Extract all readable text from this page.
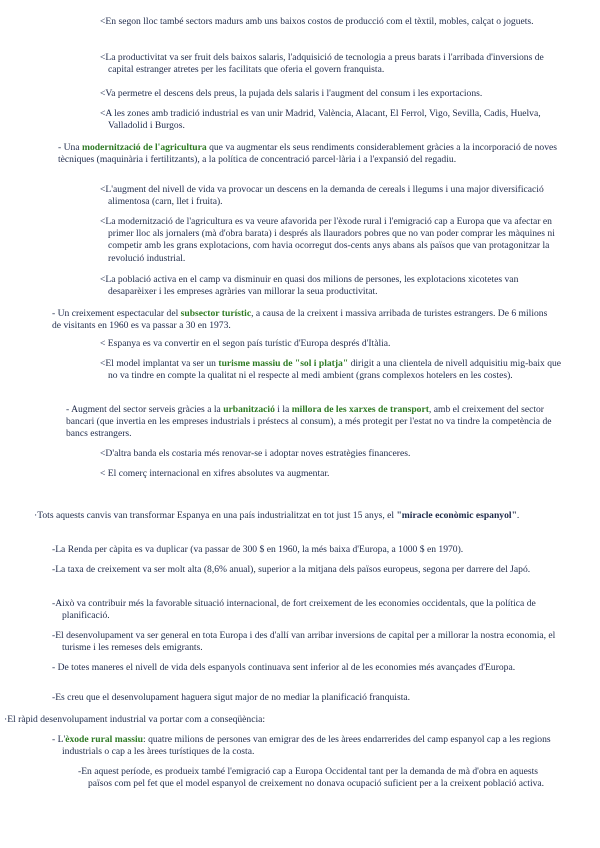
<En segon lloc també sectors madurs amb uns baixos costos de producció com el tèxtil, mobles, calçat o joguets.

<La productivitat va ser fruit dels baixos salaris, l'adquisició de tecnologia a preus barats i l'arribada d'inversions de capital estranger atretes per les facilitats que oferia el govern franquista.

<Va permetre el descens dels preus, la pujada dels salaris i l'augment del consum i les exportacions.

<A les zones amb tradició industrial es van unir Madrid, València, Alacant, El Ferrol, Vigo, Sevilla, Cadis, Huelva, Valladolid i Burgos.

- Una modernització de l'agricultura que va augmentar els seus rendiments considerablement gràcies a la incorporació de noves tècniques (maquinària i fertilitzants), a la política de concentració parcel·lària i a l'expansió del regadiu.

<L'augment del nivell de vida va provocar un descens en la demanda de cereals i llegums i una major diversificació alimentosa (carn, llet i fruita).

<La modernització de l'agricultura es va veure afavorida per l'èxode rural i l'emigració cap a Europa que va afectar en primer lloc als jornalers (mà d'obra barata) i després als llauradors pobres que no van poder comprar les màquines ni competir amb les grans explotacions, com havia ocorregut dos-cents anys abans als països que van protagonitzar la revolució industrial.

<La població activa en el camp va disminuir en quasi dos milions de persones, les explotacions xicotetes van desaparèixer i les empreses agràries van millorar la seua productivitat.

- Un creixement espectacular del subsector turístic, a causa de la creixent i massiva arribada de turistes estrangers. De 6 milions de visitants en 1960 es va passar a 30 en 1973.

< Espanya es va convertir en el segon país turístic d'Europa després d'Itàlia.

<El model implantat va ser un turisme massiu de "sol i platja" dirigit a una clientela de nivell adquisitiu mig-baix que no va tindre en compte la qualitat ni el respecte al medi ambient (grans complexos hotelers en les costes).

- Augment del sector serveis gràcies a la urbanització i la millora de les xarxes de transport, amb el creixement del sector bancari (que invertia en les empreses industrials i préstecs al consum), a més protegit per l'estat no va tindre la competència de bancs estrangers.

<D'altra banda els costaria més renovar-se i adoptar noves estratègies financeres.

< El comerç internacional en xifres absolutes va augmentar.

·Tots aquests canvis van transformar Espanya en una país industrialitzat en tot just 15 anys, el "miracle econòmic espanyol".

-La Renda per càpita es va duplicar (va passar de 300 $ en 1960, la més baixa d'Europa, a 1000 $ en 1970).

-La taxa de creixement va ser molt alta (8,6% anual), superior a la mitjana dels països europeus, segona per darrere del Japó.

-Això va contribuir més la favorable situació internacional, de fort creixement de les economies occidentals, que la política de planificació.

-El desenvolupament va ser general en tota Europa i des d'allí van arribar inversions de capital per a millorar la nostra economia, el turisme i les remeses dels emigrants.

- De totes maneres el nivell de vida dels espanyols continuava sent inferior al de les economies més avançades d'Europa.

-Es creu que el desenvolupament haguera sigut major de no mediar la planificació franquista.

·El ràpid desenvolupament industrial va portar com a conseqüència:

- L'èxode rural massiu: quatre milions de persones van emigrar des de les àrees endarrerides del camp espanyol cap a les regions industrials o cap a les àrees turístiques de la costa.

-En aquest període, es produeix també l'emigració cap a Europa Occidental tant per la demanda de mà d'obra en aquests països com pel fet que el model espanyol de creixement no donava ocupació suficient per a la creixent població activa.
